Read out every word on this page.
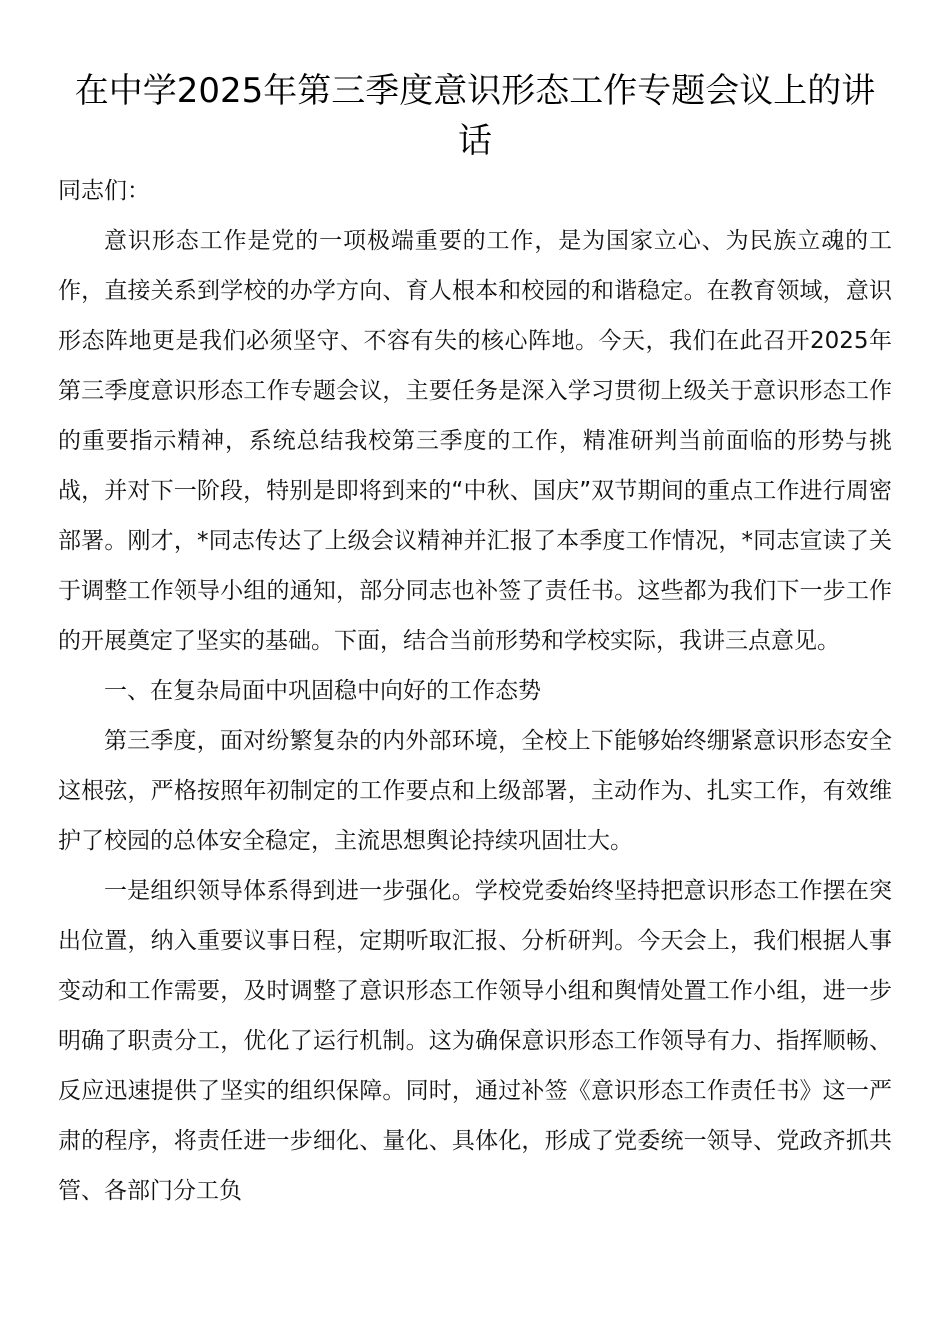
在中学2025年第三季度意识形态工作专题会议上的讲话

同志们：

意识形态工作是党的一项极端重要的工作，是为国家立心、为民族立魂的工作，直接关系到学校的办学方向、育人根本和校园的和谐稳定。在教育领域，意识形态阵地更是我们必须坚守、不容有失的核心阵地。今天，我们在此召开2025年第三季度意识形态工作专题会议，主要任务是深入学习贯彻上级关于意识形态工作的重要指示精神，系统总结我校第三季度的工作，精准研判当前面临的形势与挑战，并对下一阶段，特别是即将到来的“中秋、国庆”双节期间的重点工作进行周密部署。刚才，*同志传达了上级会议精神并汇报了本季度工作情况，*同志宣读了关于调整工作领导小组的通知，部分同志也补签了责任书。这些都为我们下一步工作的开展奠定了坚实的基础。下面，结合当前形势和学校实际，我讲三点意见。

一、在复杂局面中巩固稳中向好的工作态势

第三季度，面对纷繁复杂的内外部环境，全校上下能够始终绷紧意识形态安全这根弦，严格按照年初制定的工作要点和上级部署，主动作为、扎实工作，有效维护了校园的总体安全稳定，主流思想舆论持续巩固壮大。

一是组织领导体系得到进一步强化。学校党委始终坚持把意识形态工作摆在突出位置，纳入重要议事日程，定期听取汇报、分析研判。今天会上，我们根据人事变动和工作需要，及时调整了意识形态工作领导小组和舆情处置工作小组，进一步明确了职责分工，优化了运行机制。这为确保意识形态工作领导有力、指挥顺畅、反应迅速提供了坚实的组织保障。同时，通过补签《意识形态工作责任书》这一严肃的程序，将责任进一步细化、量化、具体化，形成了党委统一领导、党政齐抓共管、各部门分工负
